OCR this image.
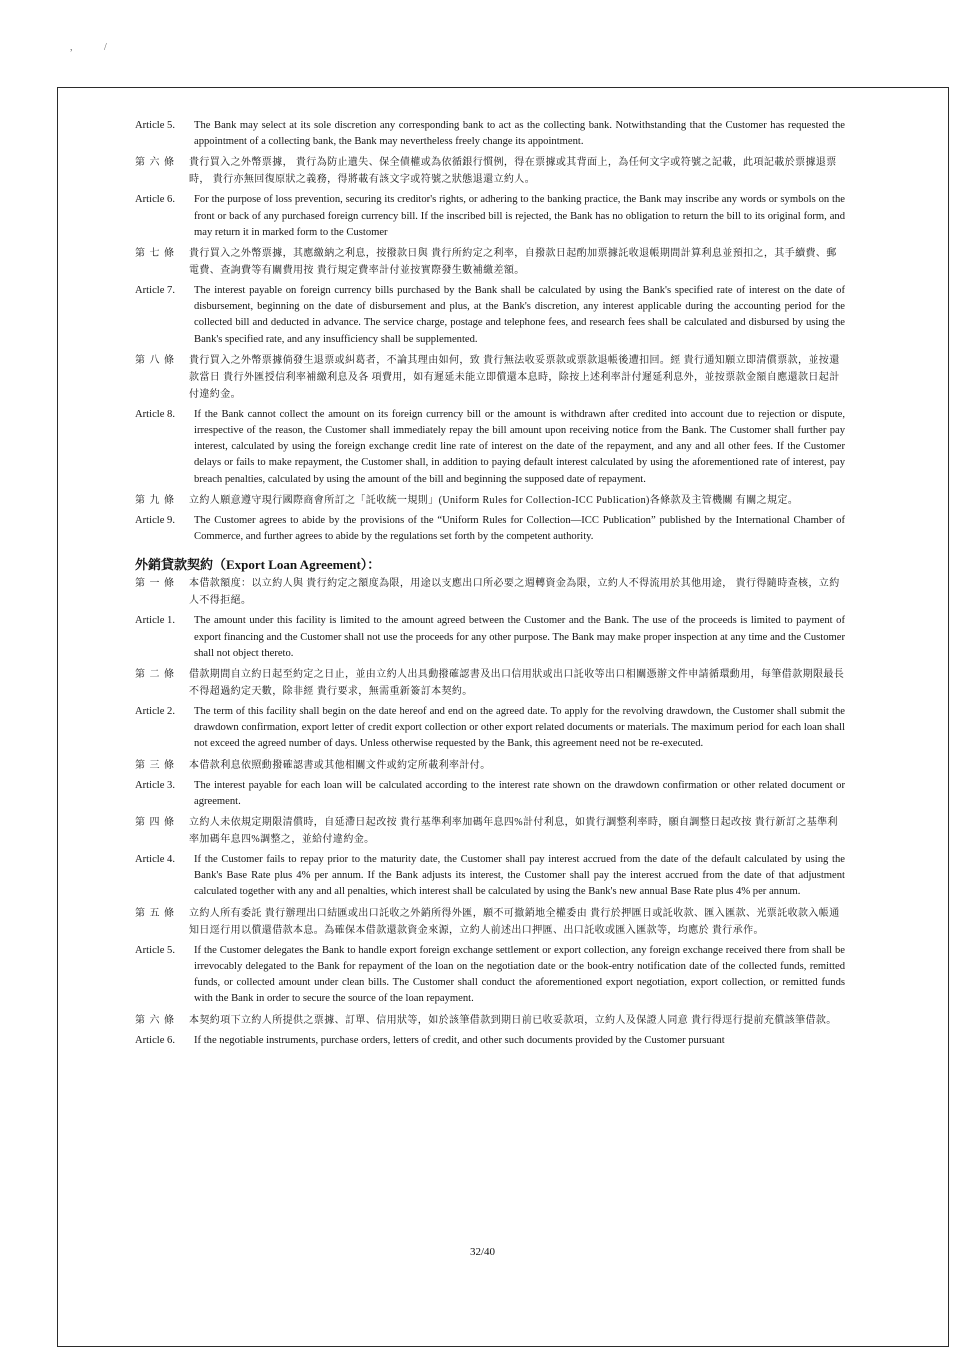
,	/
Article 5.	The Bank may select at its sole discretion any corresponding bank to act as the collecting bank. Notwithstanding that the Customer has requested the appointment of a collecting bank, the Bank may nevertheless freely change its appointment.
第 六 條	貴行買入之外幣票據， 貴行為防止遺失、保全債權或為依循銀行慣例，得在票據或其背面上，為任何文字或符號之記載，此項記載於票據退票時， 貴行亦無回復原狀之義務，得將載有該文字或符號之狀態退還立約人。
Article 6.	For the purpose of loss prevention, securing its creditor's rights, or adhering to the banking practice, the Bank may inscribe any words or symbols on the front or back of any purchased foreign currency bill. If the inscribed bill is rejected, the Bank has no obligation to return the bill to its original form, and may return it in marked form to the Customer
第 七 條	貴行買入之外幣票據，其應繳納之利息，按撥款日與 貴行所約定之利率，自撥款日起酌加票據託收退帳期間計算利息並預扣之，其手續費、郵電費、查詢費等有關費用按 貴行規定費率計付並按實際發生數補繳差額。
Article 7.	The interest payable on foreign currency bills purchased by the Bank shall be calculated by using the Bank's specified rate of interest on the date of disbursement, beginning on the date of disbursement and plus, at the Bank's discretion, any interest applicable during the accounting period for the collected bill and deducted in advance. The service charge, postage and telephone fees, and research fees shall be calculated and disbursed by using the Bank's specified rate, and any insufficiency shall be supplemented.
第 八 條	貴行買入之外幣票據倘發生退票或糾葛者，不論其理由如何，致 貴行無法收妥票款或票款退帳後遭扣回。經 貴行通知願立即清償票款，並按還款當日 貴行外匯授信利率補繳利息及各 項費用，如有遲延未能立即償還本息時，除按上述利率計付遲延利息外，並按票款金額自應還款日起計付違約金。
Article 8.	If the Bank cannot collect the amount on its foreign currency bill or the amount is withdrawn after credited into account due to rejection or dispute, irrespective of the reason, the Customer shall immediately repay the bill amount upon receiving notice from the Bank. The Customer shall further pay interest, calculated by using the foreign exchange credit line rate of interest on the date of the repayment, and any and all other fees. If the Customer delays or fails to make repayment, the Customer shall, in addition to paying default interest calculated by using the aforementioned rate of interest, pay breach penalties, calculated by using the amount of the bill and beginning the supposed date of repayment.
第 九 條	立約人願意遵守現行國際商會所訂之「託收統一規則」(Uniform Rules for Collection-ICC Publication)各條款及主管機關 有關之規定。
Article 9.	The Customer agrees to abide by the provisions of the “Uniform Rules for Collection—ICC Publication” published by the International Chamber of Commerce, and further agrees to abide by the regulations set forth by the competent authority.
外銷貸款契約（Export Loan Agreement）：
第 一 條	本借款額度：以立約人與 貴行約定之額度為限，用途以支應出口所必要之週轉資金為限，立約人不得流用於其他用途， 貴行得隨時查核，立約人不得拒絕。
Article 1.	The amount under this facility is limited to the amount agreed between the Customer and the Bank. The use of the proceeds is limited to payment of export financing and the Customer shall not use the proceeds for any other purpose. The Bank may make proper inspection at any time and the Customer shall not object thereto.
第 二 條	借款期間自立約日起至約定之日止，並由立約人出具動撥確認書及出口信用狀或出口託收等出口相關憑辦文件申請循環動用，每筆借款期限最長不得超過約定天數，除非經 貴行要求，無需重新簽訂本契約。
Article 2.	The term of this facility shall begin on the date hereof and end on the agreed date. To apply for the revolving drawdown, the Customer shall submit the drawdown confirmation, export letter of credit export collection or other export related documents or materials. The maximum period for each loan shall not exceed the agreed number of days. Unless otherwise requested by the Bank, this agreement need not be re-executed.
第 三 條	本借款利息依照動撥確認書或其他相關文件或約定所載利率計付。
Article 3.	The interest payable for each loan will be calculated according to the interest rate shown on the drawdown confirmation or other related document or agreement.
第 四 條	立約人未依規定期限清償時，自延滯日起改按 貴行基準利率加碼年息四%計付利息，如貴行調整利率時，願自調整日起改按 貴行新訂之基準利率加碼年息四%調整之，並給付違約金。
Article 4.	If the Customer fails to repay prior to the maturity date, the Customer shall pay interest accrued from the date of the default calculated by using the Bank's Base Rate plus 4% per annum. If the Bank adjusts its interest, the Customer shall pay the interest accrued from the date of that adjustment calculated together with any and all penalties, which interest shall be calculated by using the Bank's new annual Base Rate plus 4% per annum.
第 五 條	立約人所有委託 貴行辦理出口結匯或出口託收之外銷所得外匯，願不可撤銷地全權委由 貴行於押匯日或託收款、匯入匯款、光票託收款入帳通知日逕行用以償還借款本息。為確保本借款還款資金來源，立約人前述出口押匯、出口託收或匯入匯款等，均應於 貴行承作。
Article 5.	If the Customer delegates the Bank to handle export foreign exchange settlement or export collection, any foreign exchange received there from shall be irrevocably delegated to the Bank for repayment of the loan on the negotiation date or the book-entry notification date of the collected funds, remitted funds, or collected amount under clean bills. The Customer shall conduct the aforementioned export negotiation, export collection, or remitted funds with the Bank in order to secure the source of the loan repayment.
第 六 條	本契約項下立約人所提供之票據、訂單、信用狀等，如於該筆借款到期日前已收妥款項，立約人及保證人同意 貴行得逕行提前充償該筆借款。
Article 6.	If the negotiable instruments, purchase orders, letters of credit, and other such documents provided by the Customer pursuant
32/40
